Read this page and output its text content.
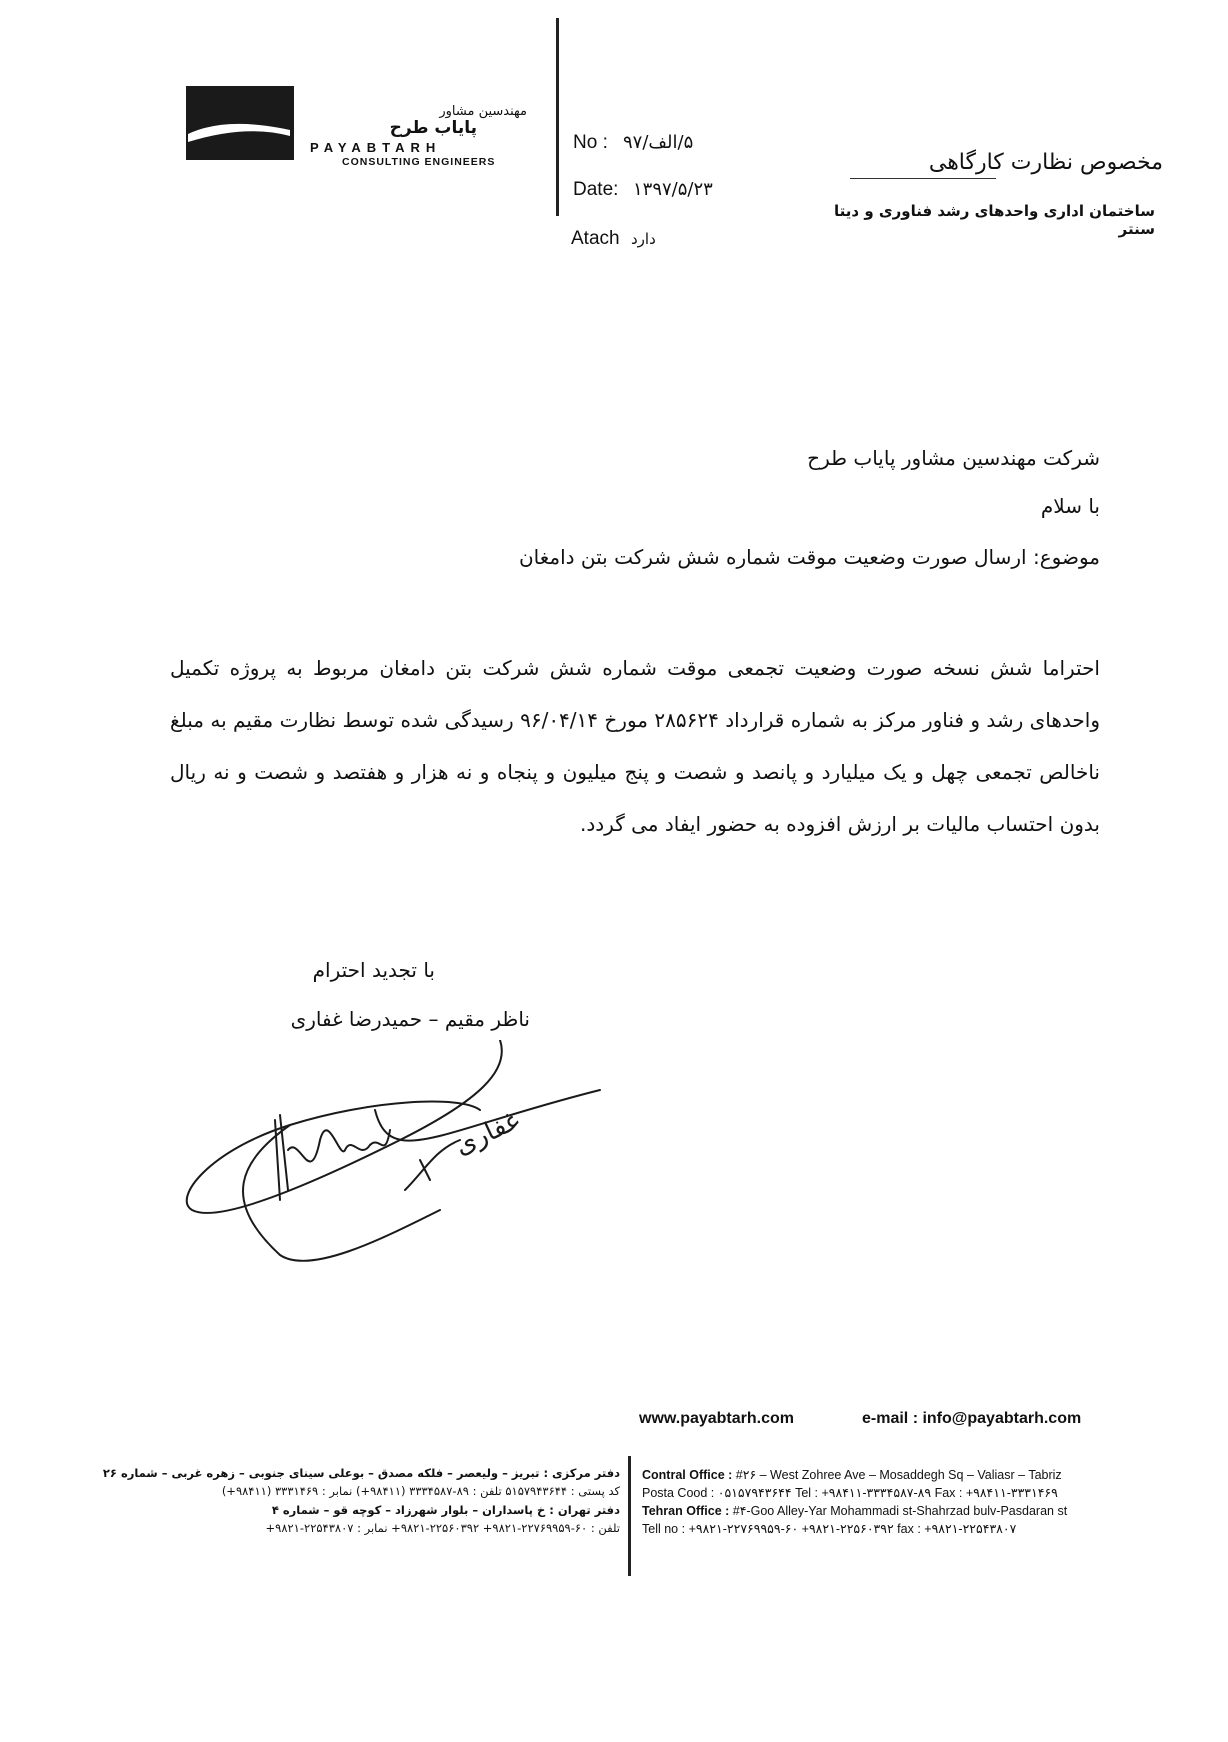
مهندسین مشاور
پایاب طرح
PAYABTARH
CONSULTING ENGINEERS
No : ۵/الف/۹۷
Date: ۱۳۹۷/۵/۲۳
Atach دارد
مخصوص نظارت کارگاهی
ساختمان اداری واحدهای رشد فناوری و دیتا سنتر
شرکت مهندسین مشاور پایاب طرح
با سلام
موضوع: ارسال صورت وضعیت موقت شماره شش شرکت بتن دامغان
احتراما شش نسخه صورت وضعیت تجمعی موقت شماره شش شرکت بتن دامغان مربوط به پروژه تکمیل واحدهای رشد و فناور مرکز به شماره قرارداد ۲۸۵۶۲۴ مورخ ۹۶/۰۴/۱۴ رسیدگی شده توسط نظارت مقیم به مبلغ ناخالص تجمعی چهل و یک میلیارد و پانصد و شصت و پنج میلیون و پنجاه و نه هزار و هفتصد و شصت و نه ریال بدون احتساب مالیات بر ارزش افزوده به حضور ایفاد می گردد.
با تجدید احترام
ناظر مقیم – حمیدرضا غفاری
غفاری
www.payabtarh.com	e-mail : info@payabtarh.com
Contral Office : #۲۶ – West Zohree Ave – Mosaddegh Sq – Valiasr – Tabriz
Posta Cood : ۰۵۱۵۷۹۴۳۶۴۴ Tel : +۹۸۴۱۱-۳۳۳۴۵۸۷-۸۹ Fax : +۹۸۴۱۱-۳۳۳۱۴۶۹
Tehran Office : #۴-Goo Alley-Yar Mohammadi st-Shahrzad bulv-Pasdaran st
Tell no : +۹۸۲۱-۲۲۷۶۹۹۵۹-۶۰ +۹۸۲۱-۲۲۵۶۰۳۹۲ fax : +۹۸۲۱-۲۲۵۴۳۸۰۷
دفتر مرکزی : تبریز – ولیعصر – فلکه مصدق – بوعلی سینای جنوبی – زهره غربی – شماره ۲۶
کد پستی : ۵۱۵۷۹۴۳۶۴۴ تلفن : ۸۹-۳۳۳۴۵۸۷ (۹۸۴۱۱+) نمابر : ۳۳۳۱۴۶۹ (۹۸۴۱۱+)
دفتر تهران : خ پاسداران – بلوار شهرزاد – کوچه قو – شماره ۴
تلفن : ۶۰-۲۲۷۶۹۹۵۹-۹۸۲۱+ ۲۲۵۶۰۳۹۲-۹۸۲۱+ نمابر : ۲۲۵۴۳۸۰۷-۹۸۲۱+
